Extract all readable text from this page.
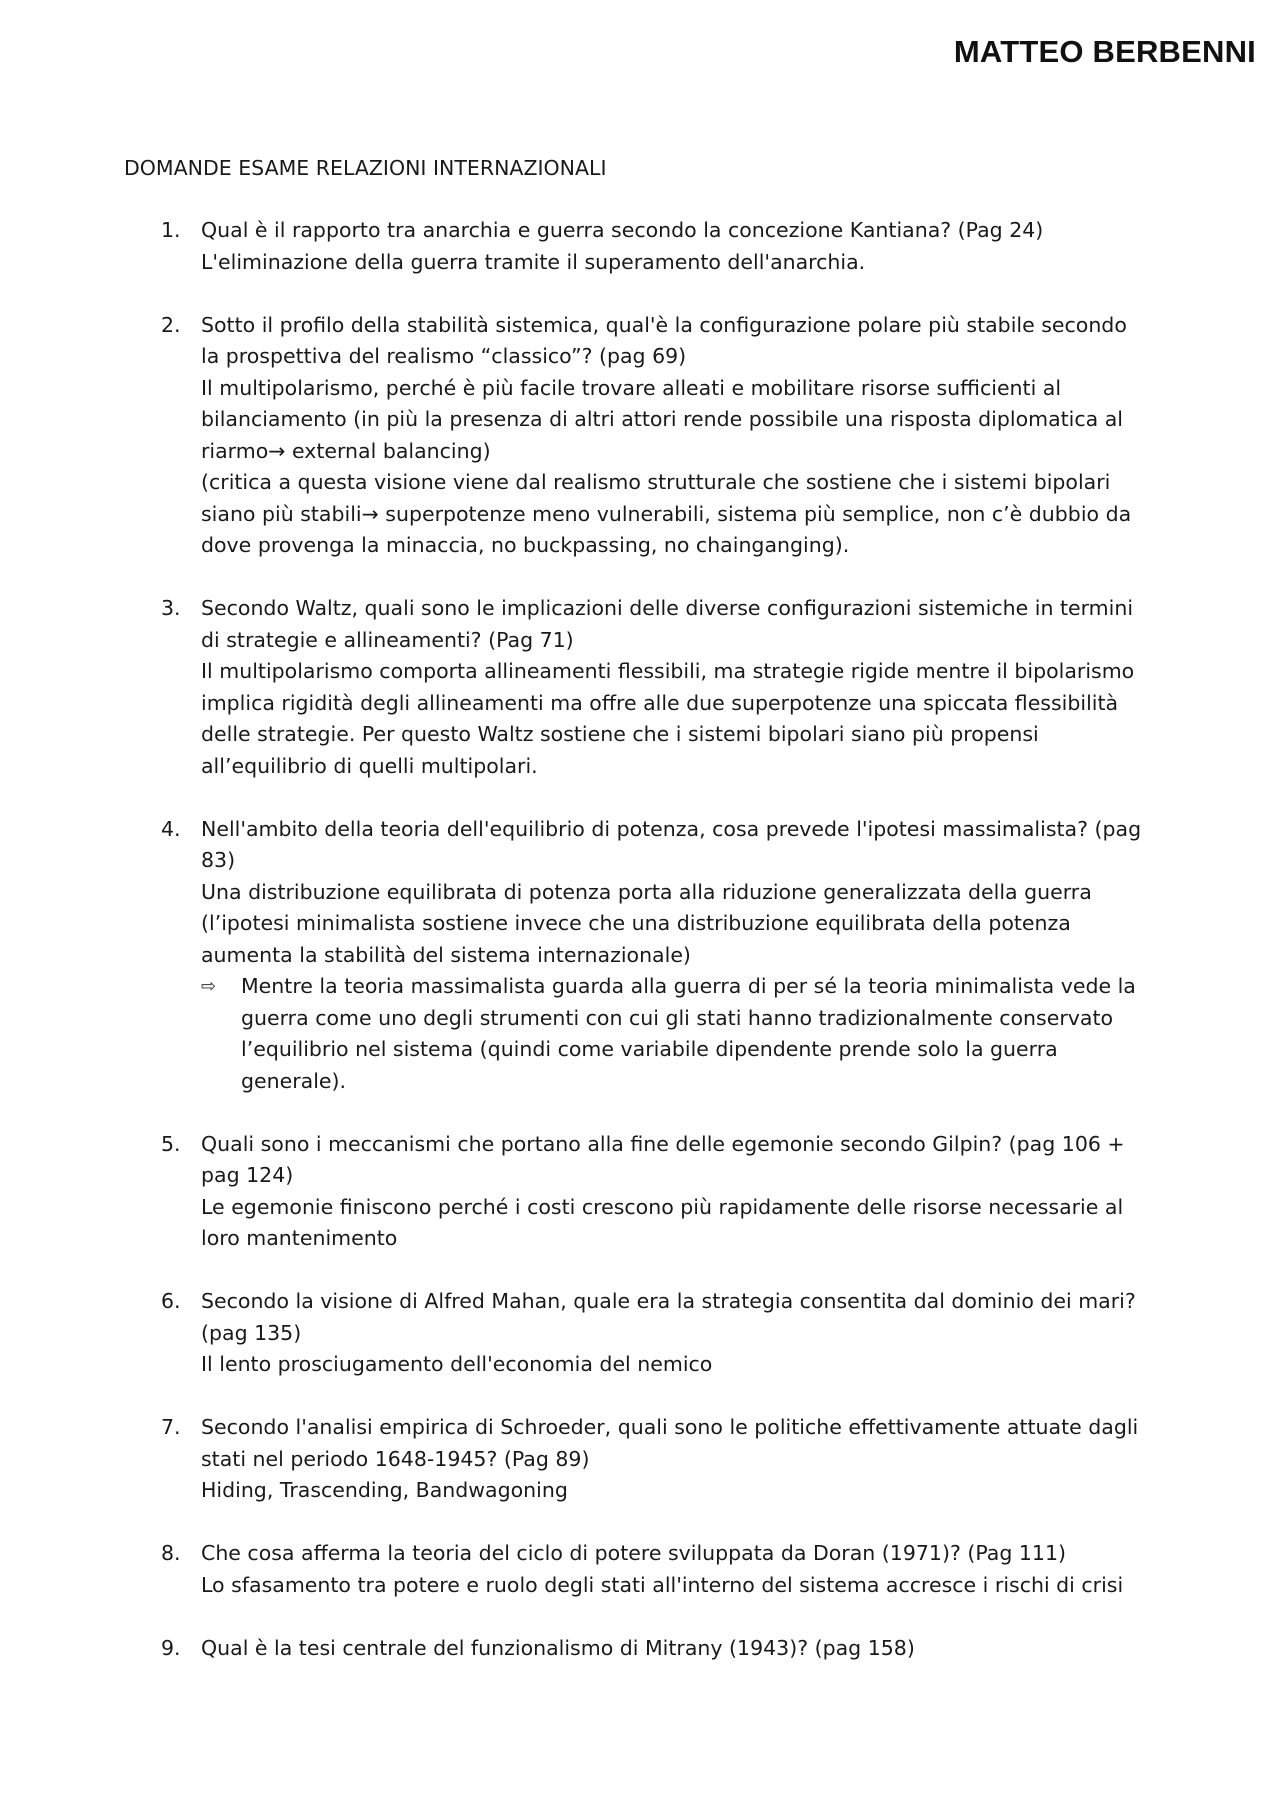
MATTEO BERBENNI
DOMANDE ESAME RELAZIONI INTERNAZIONALI
1. Qual è il rapporto tra anarchia e guerra secondo la concezione Kantiana? (Pag 24)
L'eliminazione della guerra tramite il superamento dell'anarchia.
2. Sotto il profilo della stabilità sistemica, qual'è la configurazione polare più stabile secondo
la prospettiva del realismo “classico”? (pag 69)
Il multipolarismo, perché è più facile trovare alleati e mobilitare risorse sufficienti al
bilanciamento (in più la presenza di altri attori rende possibile una risposta diplomatica al
riarmo→ external balancing)
(critica a questa visione viene dal realismo strutturale che sostiene che i sistemi bipolari
siano più stabili→ superpotenze meno vulnerabili, sistema più semplice, non c’è dubbio da
dove provenga la minaccia, no buckpassing, no chainganging).
3. Secondo Waltz, quali sono le implicazioni delle diverse configurazioni sistemiche in termini
di strategie e allineamenti? (Pag 71)
Il multipolarismo comporta allineamenti flessibili, ma strategie rigide mentre il bipolarismo
implica rigidità degli allineamenti ma offre alle due superpotenze una spiccata flessibilità
delle strategie. Per questo Waltz sostiene che i sistemi bipolari siano più propensi
all’equilibrio di quelli multipolari.
4. Nell'ambito della teoria dell'equilibrio di potenza, cosa prevede l'ipotesi massimalista? (pag
83)
Una distribuzione equilibrata di potenza porta alla riduzione generalizzata della guerra
(l’ipotesi minimalista sostiene invece che una distribuzione equilibrata della potenza
aumenta la stabilità del sistema internazionale)
⇨ Mentre la teoria massimalista guarda alla guerra di per sé la teoria minimalista vede la
guerra come uno degli strumenti con cui gli stati hanno tradizionalmente conservato
l’equilibrio nel sistema (quindi come variabile dipendente prende solo la guerra
generale).
5. Quali sono i meccanismi che portano alla fine delle egemonie secondo Gilpin? (pag 106 +
pag 124)
Le egemonie finiscono perché i costi crescono più rapidamente delle risorse necessarie al
loro mantenimento
6. Secondo la visione di Alfred Mahan, quale era la strategia consentita dal dominio dei mari?
(pag 135)
Il lento prosciugamento dell'economia del nemico
7. Secondo l'analisi empirica di Schroeder, quali sono le politiche effettivamente attuate dagli
stati nel periodo 1648-1945? (Pag 89)
Hiding, Trascending, Bandwagoning
8. Che cosa afferma la teoria del ciclo di potere sviluppata da Doran (1971)? (Pag 111)
Lo sfasamento tra potere e ruolo degli stati all'interno del sistema accresce i rischi di crisi
9. Qual è la tesi centrale del funzionalismo di Mitrany (1943)? (pag 158)
